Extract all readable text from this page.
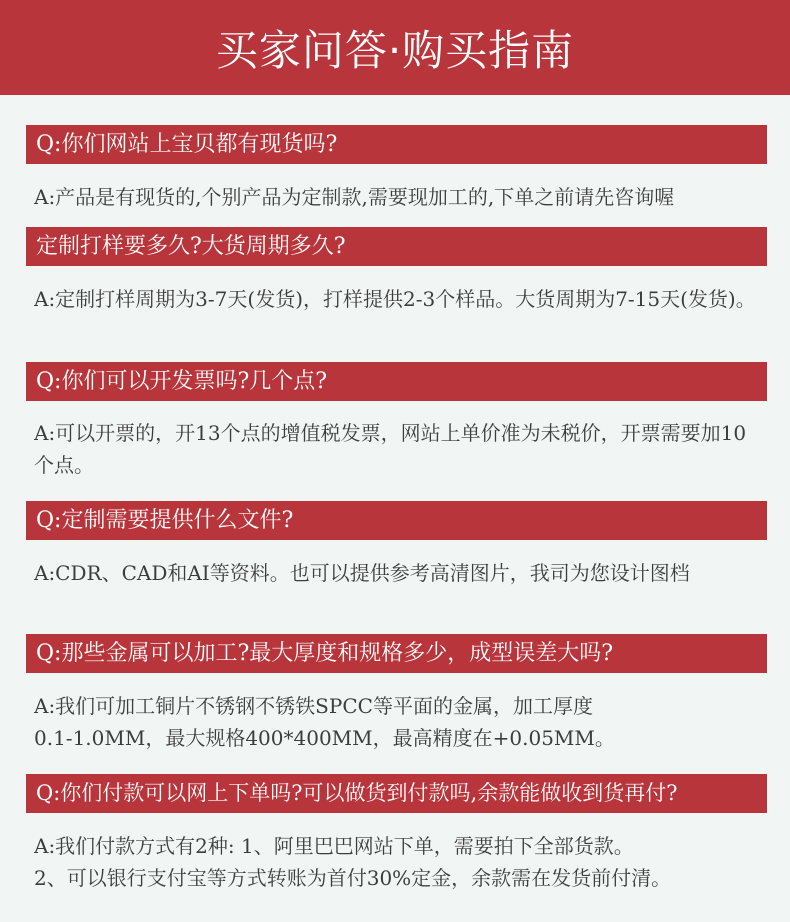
买家问答·购买指南
Q:你们网站上宝贝都有现货吗?
A:产品是有现货的,个别产品为定制款,需要现加工的,下单之前请先咨询喔
定制打样要多久?大货周期多久?
A:定制打样周期为3-7天(发货)，打样提供2-3个样品。大货周期为7-15天(发货)。
Q:你们可以开发票吗?几个点?
A:可以开票的，开13个点的增值税发票，网站上单价准为未税价，开票需要加10个点。
Q:定制需要提供什么文件?
A:CDR、CAD和AI等资料。也可以提供参考高清图片，我司为您设计图档
Q:那些金属可以加工?最大厚度和规格多少，成型误差大吗?
A:我们可加工铜片不锈钢不锈铁SPCC等平面的金属，加工厚度
0.1-1.0MM，最大规格400*400MM，最高精度在+0.05MM。
Q:你们付款可以网上下单吗?可以做货到付款吗,余款能做收到货再付?
A:我们付款方式有2种: 1、阿里巴巴网站下单，需要拍下全部货款。
2、可以银行支付宝等方式转账为首付30%定金，余款需在发货前付清。
